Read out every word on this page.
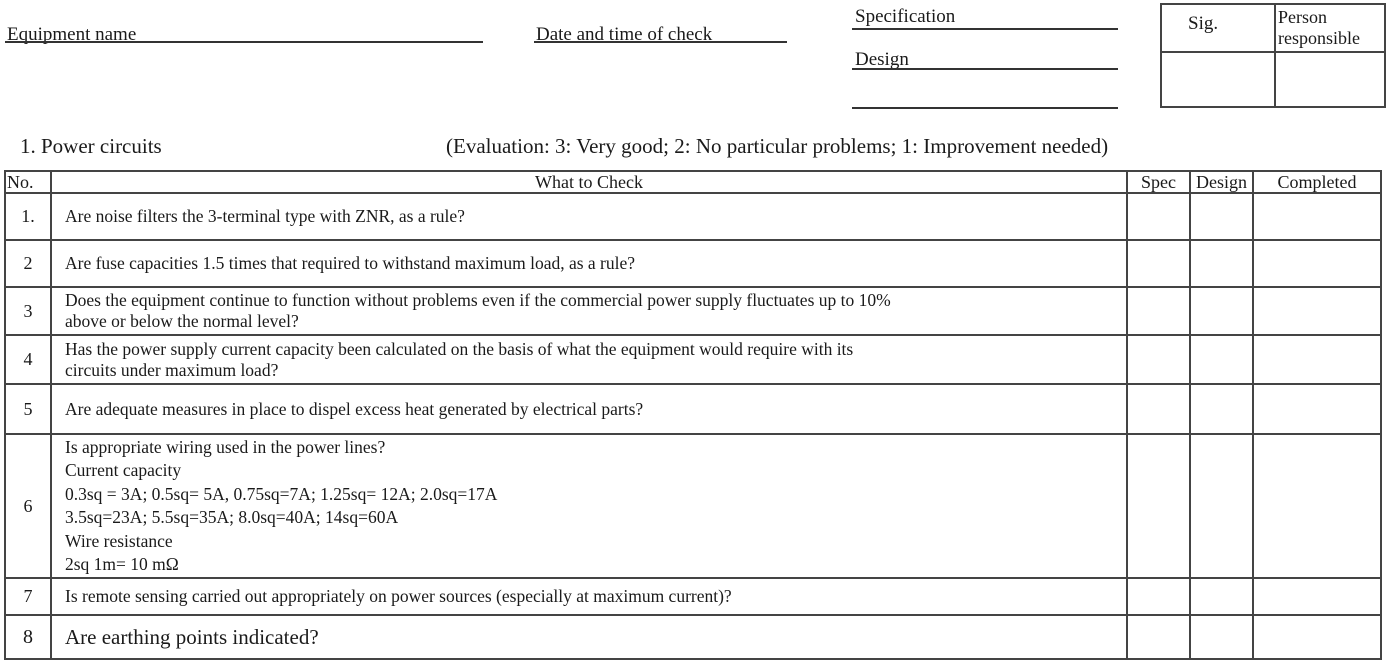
Equipment name	Date and time of check
Specification
Design
Sig.	Person responsible
1. Power circuits	(Evaluation: 3: Very good; 2: No particular problems; 1: Improvement needed)
No.	What to Check	Spec	Design	Completed
1.	Are noise filters the 3-terminal type with ZNR, as a rule?			

2	Are fuse capacities 1.5 times that required to withstand maximum load, as a rule?			

3	Does the equipment continue to function without problems even if the commercial power supply fluctuates up to 10%
above or below the normal level?			

4	Has the power supply current capacity been calculated on the basis of what the equipment would require with its
circuits under maximum load?			

5	Are adequate measures in place to dispel excess heat generated by electrical parts?			

6	
Is appropriate wiring used in the power lines?
Current capacity
0.3sq = 3A; 0.5sq= 5A, 0.75sq=7A; 1.25sq= 12A; 2.0sq=17A
3.5sq=23A; 5.5sq=35A; 8.0sq=40A; 14sq=60A
Wire resistance
2sq 1m= 10 mΩ

7	Is remote sensing carried out appropriately on power sources (especially at maximum current)?			

8	Are earthing points indicated?			
